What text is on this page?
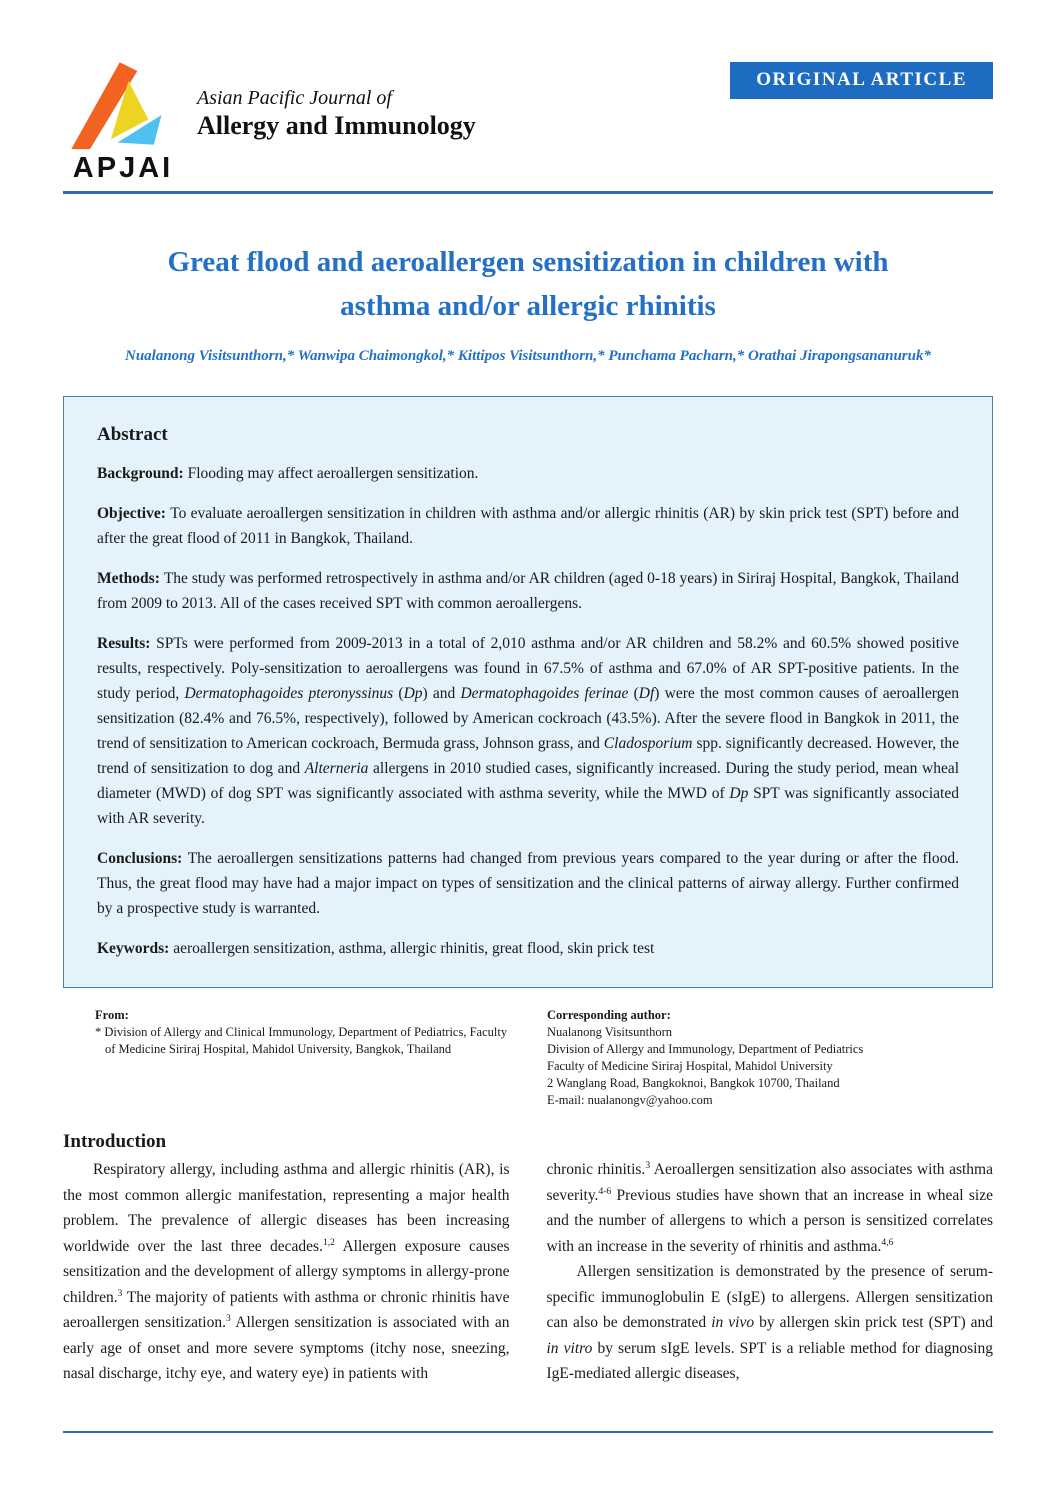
APJAI
Asian Pacific Journal of
Allergy and Immunology
ORIGINAL ARTICLE
Great flood and aeroallergen sensitization in children with
asthma and/or allergic rhinitis
Nualanong Visitsunthorn,* Wanwipa Chaimongkol,* Kittipos Visitsunthorn,* Punchama Pacharn,* Orathai Jirapongsananuruk*
Abstract
Background: Flooding may affect aeroallergen sensitization.
Objective: To evaluate aeroallergen sensitization in children with asthma and/or allergic rhinitis (AR) by skin prick test (SPT) before and after the great flood of 2011 in Bangkok, Thailand.
Methods: The study was performed retrospectively in asthma and/or AR children (aged 0-18 years) in Siriraj Hospital, Bangkok, Thailand from 2009 to 2013. All of the cases received SPT with common aeroallergens.
Results: SPTs were performed from 2009-2013 in a total of 2,010 asthma and/or AR children and 58.2% and 60.5% showed positive results, respectively. Poly-sensitization to aeroallergens was found in 67.5% of asthma and 67.0% of AR SPT-positive patients. In the study period, Dermatophagoides pteronyssinus (Dp) and Dermatophagoides ferinae (Df) were the most common causes of aeroallergen sensitization (82.4% and 76.5%, respectively), followed by American cockroach (43.5%). After the severe flood in Bangkok in 2011, the trend of sensitization to American cockroach, Bermuda grass, Johnson grass, and Cladosporium spp. significantly decreased. However, the trend of sensitization to dog and Alterneria allergens in 2010 studied cases, significantly increased. During the study period, mean wheal diameter (MWD) of dog SPT was significantly associated with asthma severity, while the MWD of Dp SPT was significantly associated with AR severity.
Conclusions: The aeroallergen sensitizations patterns had changed from previous years compared to the year during or after the flood. Thus, the great flood may have had a major impact on types of sensitization and the clinical patterns of airway allergy. Further confirmed by a prospective study is warranted.
Keywords: aeroallergen sensitization, asthma, allergic rhinitis, great flood, skin prick test
From:
* Division of Allergy and Clinical Immunology, Department of Pediatrics, Faculty of Medicine Siriraj Hospital, Mahidol University, Bangkok, Thailand
Corresponding author:
Nualanong Visitsunthorn
Division of Allergy and Immunology, Department of Pediatrics
Faculty of Medicine Siriraj Hospital, Mahidol University
2 Wanglang Road, Bangkoknoi, Bangkok 10700, Thailand
E-mail: nualanongv@yahoo.com
Introduction

Respiratory allergy, including asthma and allergic rhinitis (AR), is the most common allergic manifestation, representing a major health problem. The prevalence of allergic diseases has been increasing worldwide over the last three decades.$^{1,2}$ Allergen exposure causes sensitization and the development of allergy symptoms in allergy-prone children.$^3$ The majority of patients with asthma or chronic rhinitis have aeroallergen sensitization.$^3$ Allergen sensitization is associated with an early age of onset and more severe symptoms (itchy nose, sneezing, nasal discharge, itchy eye, and watery eye) in patients with

chronic rhinitis.$^3$ Aeroallergen sensitization also associates with asthma severity.$^{4-6}$ Previous studies have shown that an increase in wheal size and the number of allergens to which a person is sensitized correlates with an increase in the severity of rhinitis and asthma.$^{4,6}$

Allergen sensitization is demonstrated by the presence of serum-specific immunoglobulin E (sIgE) to allergens. Allergen sensitization can also be demonstrated in vivo by allergen skin prick test (SPT) and in vitro by serum sIgE levels. SPT is a reliable method for diagnosing IgE-mediated allergic diseases,
